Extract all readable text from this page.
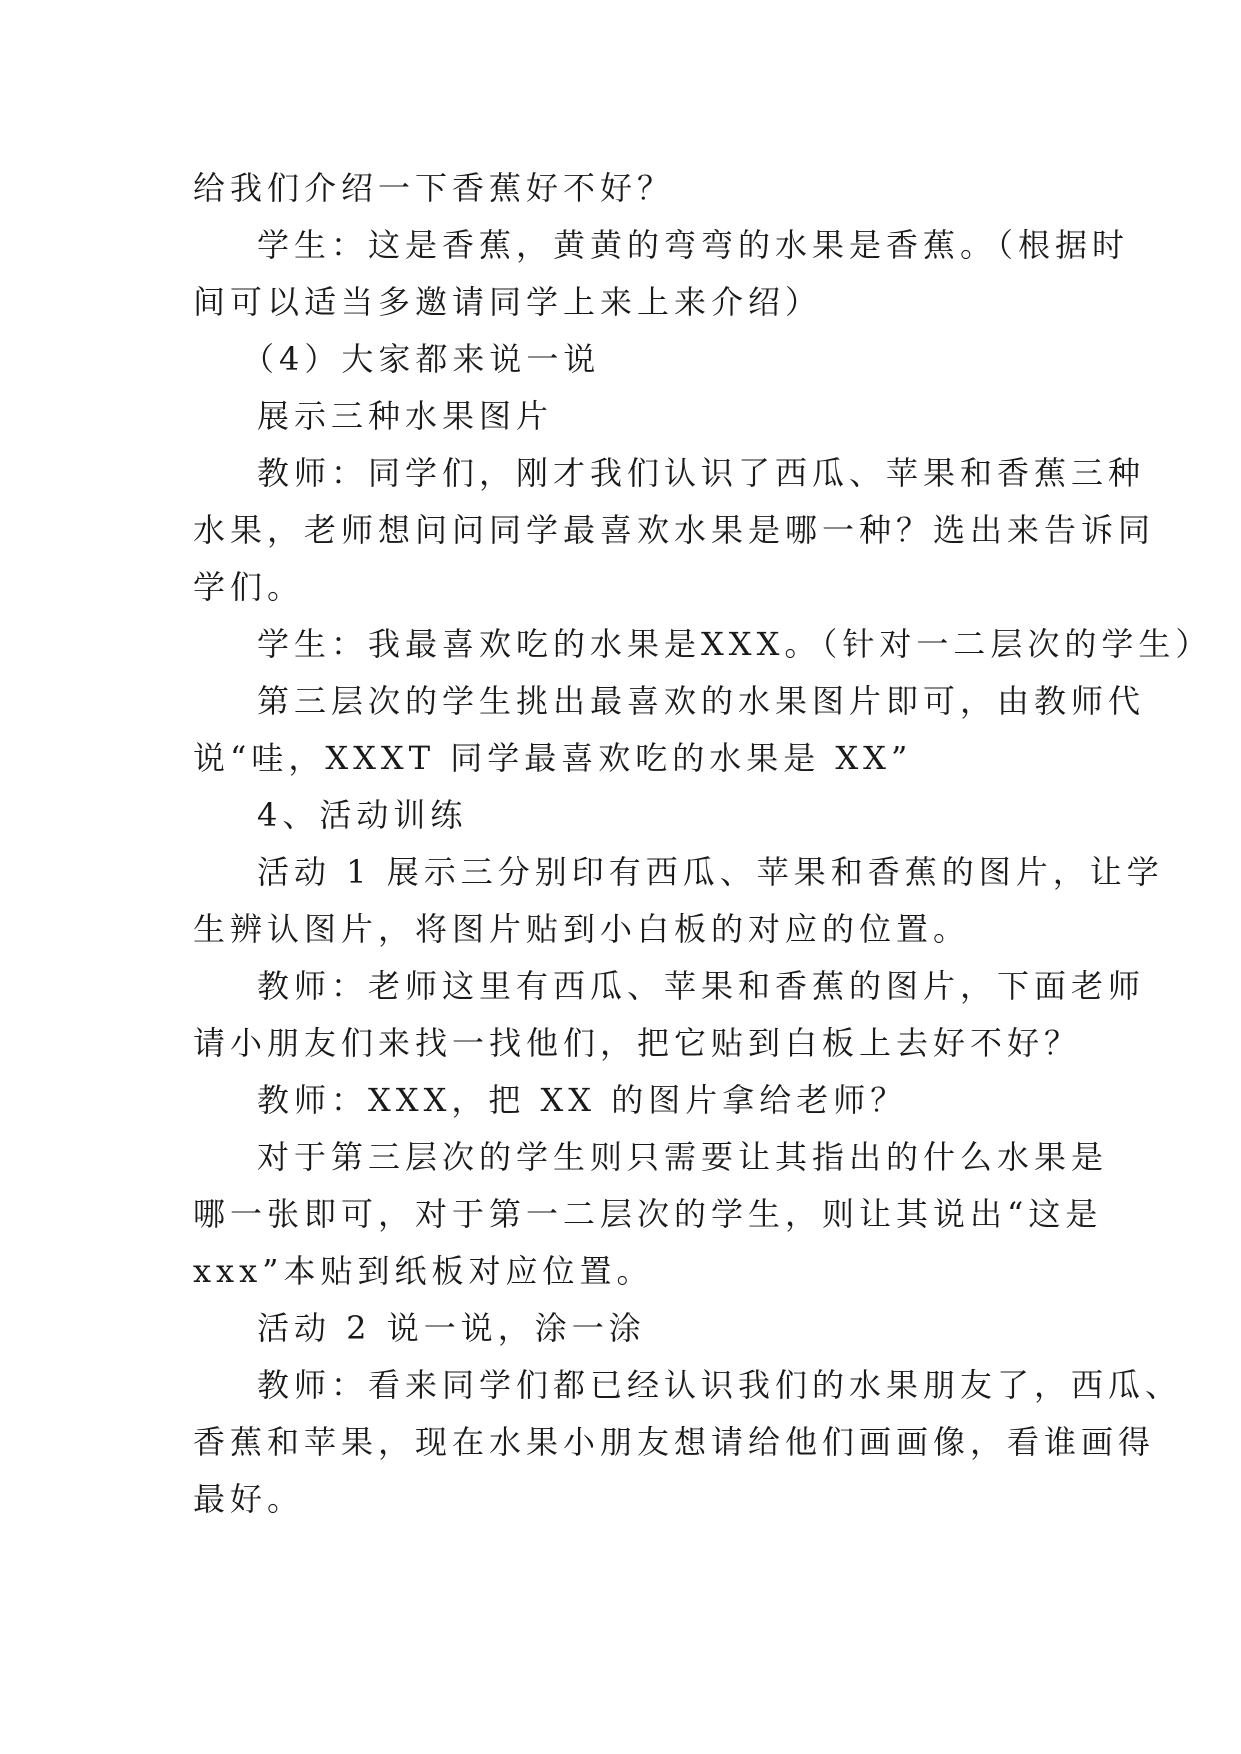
给我们介绍一下香蕉好不好？
学生：这是香蕉，黄黄的弯弯的水果是香蕉。（根据时
间可以适当多邀请同学上来上来介绍）
（4）大家都来说一说
展示三种水果图片
教师：同学们，刚才我们认识了西瓜、苹果和香蕉三种
水果，老师想问问同学最喜欢水果是哪一种？选出来告诉同
学们。
学生：我最喜欢吃的水果是XXX。（针对一二层次的学生）
第三层次的学生挑出最喜欢的水果图片即可，由教师代
说“哇，XXXT 同学最喜欢吃的水果是 XX”
4、活动训练
活动 1 展示三分别印有西瓜、苹果和香蕉的图片，让学
生辨认图片，将图片贴到小白板的对应的位置。
教师：老师这里有西瓜、苹果和香蕉的图片，下面老师
请小朋友们来找一找他们，把它贴到白板上去好不好？
教师：XXX，把 XX 的图片拿给老师？
对于第三层次的学生则只需要让其指出的什么水果是
哪一张即可，对于第一二层次的学生，则让其说出“这是
xxx”本贴到纸板对应位置。
活动 2 说一说，涂一涂
教师：看来同学们都已经认识我们的水果朋友了，西瓜、
香蕉和苹果，现在水果小朋友想请给他们画画像，看谁画得
最好。
